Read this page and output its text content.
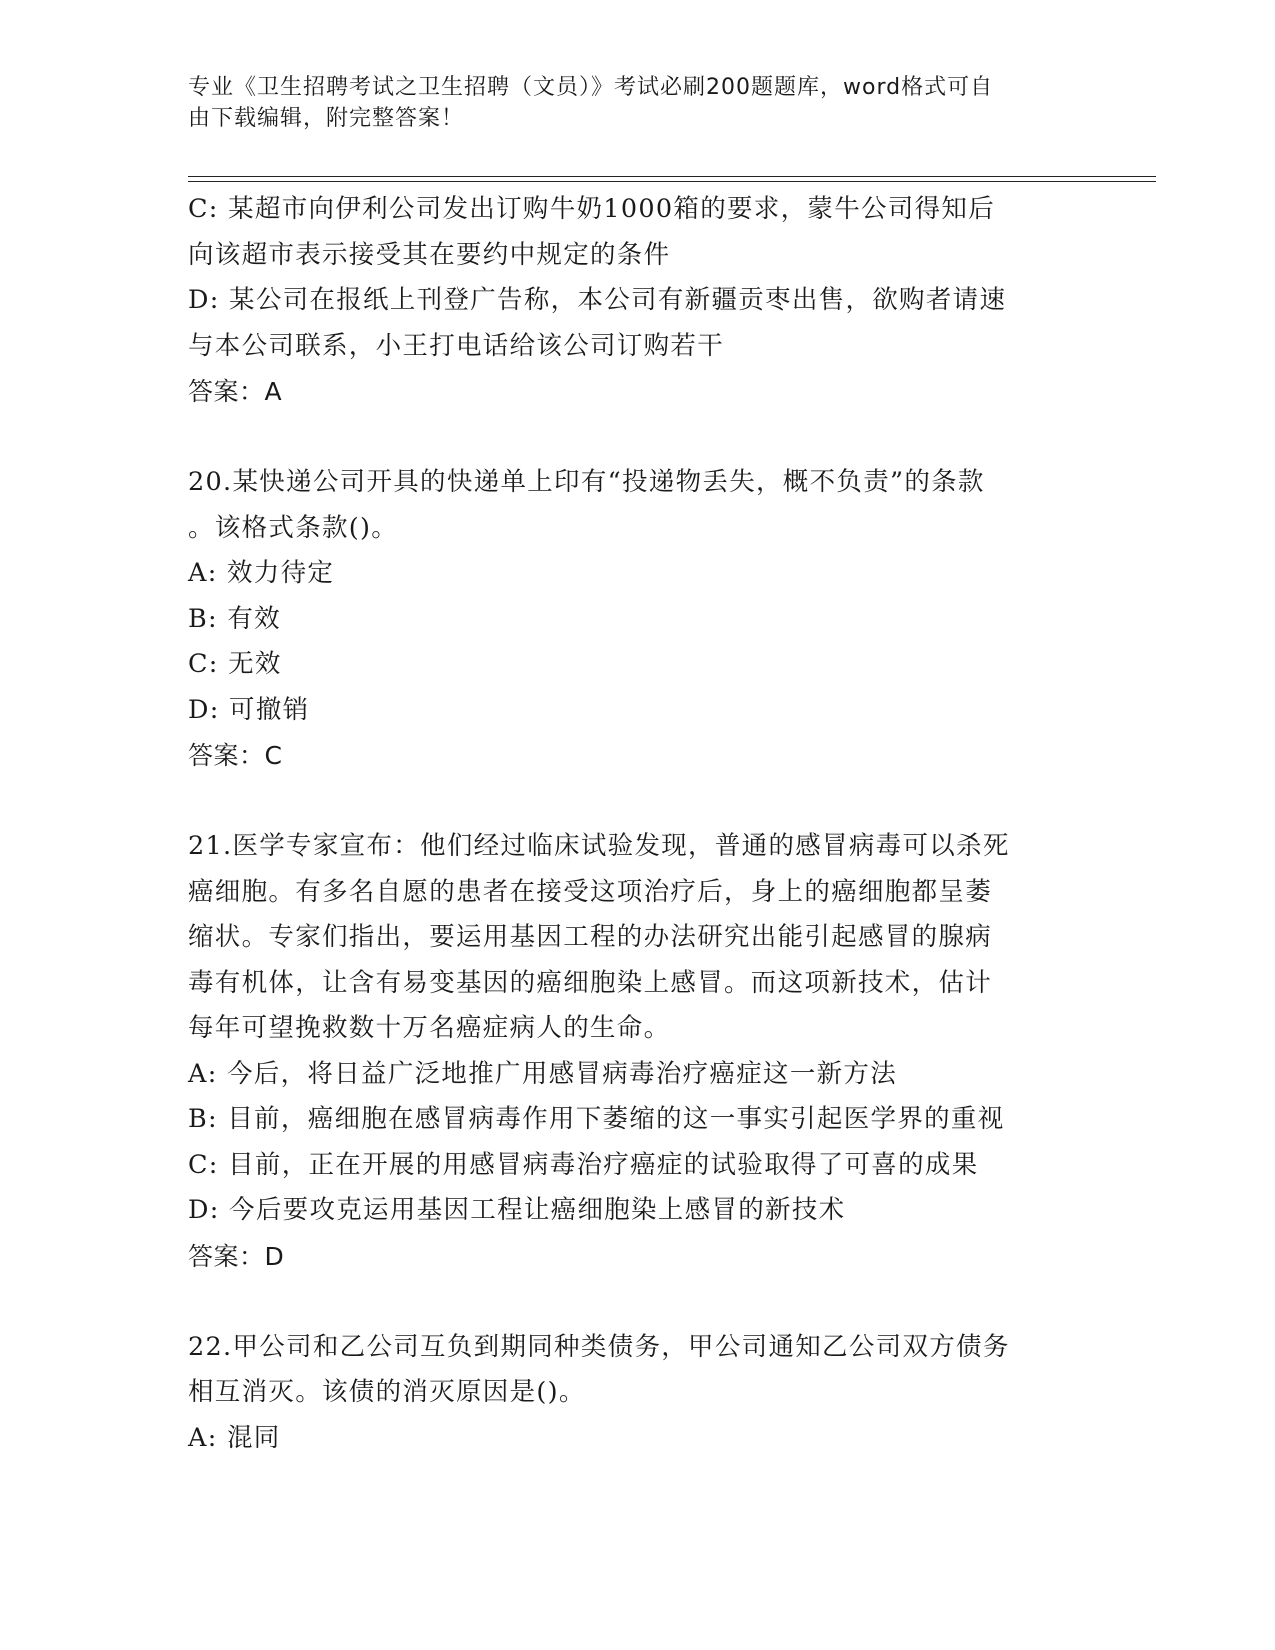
专业《卫生招聘考试之卫生招聘（文员）》考试必刷200题题库，word格式可自
由下载编辑，附完整答案！
C: 某超市向伊利公司发出订购牛奶1000箱的要求，蒙牛公司得知后
向该超市表示接受其在要约中规定的条件
D: 某公司在报纸上刊登广告称，本公司有新疆贡枣出售，欲购者请速
与本公司联系，小王打电话给该公司订购若干
答案：A
20.某快递公司开具的快递单上印有“投递物丢失，概不负责”的条款
。该格式条款()。
A: 效力待定
B: 有效
C: 无效
D: 可撤销
答案：C
21.医学专家宣布：他们经过临床试验发现，普通的感冒病毒可以杀死
癌细胞。有多名自愿的患者在接受这项治疗后，身上的癌细胞都呈萎
缩状。专家们指出，要运用基因工程的办法研究出能引起感冒的腺病
毒有机体，让含有易变基因的癌细胞染上感冒。而这项新技术，估计
每年可望挽救数十万名癌症病人的生命。
A: 今后，将日益广泛地推广用感冒病毒治疗癌症这一新方法
B: 目前，癌细胞在感冒病毒作用下萎缩的这一事实引起医学界的重视
C: 目前，正在开展的用感冒病毒治疗癌症的试验取得了可喜的成果
D: 今后要攻克运用基因工程让癌细胞染上感冒的新技术
答案：D
22.甲公司和乙公司互负到期同种类债务，甲公司通知乙公司双方债务
相互消灭。该债的消灭原因是()。
A: 混同
